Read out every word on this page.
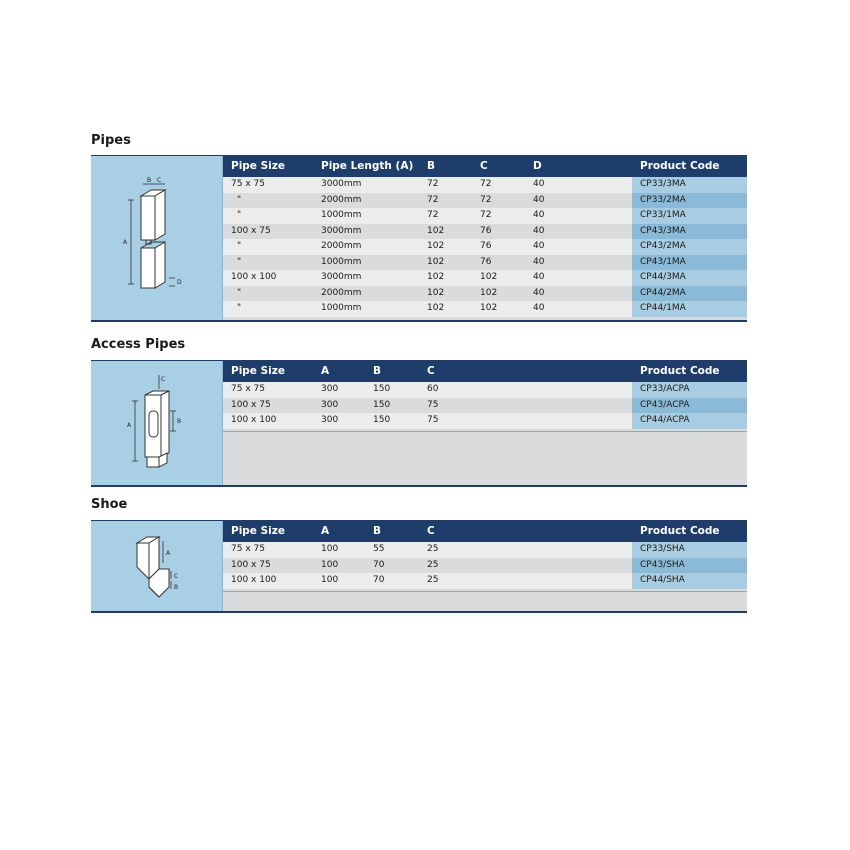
Pipes
B C
A
D
Pipe Size	Pipe Length (A) B	C	D	Product Code
75 x 75	3000mm	72	72	40	CP33/3MA
"	2000mm	72	72	40	CP33/2MA
"	1000mm	72	72	40	CP33/1MA
100 x 75	3000mm	102	76	40	CP43/3MA
"	2000mm	102	76	40	CP43/2MA
"	1000mm	102	76	40	CP43/1MA
100 x 100	3000mm	102	102	40	CP44/3MA
"	2000mm	102	102	40	CP44/2MA
"	1000mm	102	102	40	CP44/1MA
Access Pipes
C
A
B
Pipe Size	A	B	C	Product Code
75 x 75	300	150	60	CP33/ACPA
100 x 75	300	150	75	CP43/ACPA
100 x 100	300	150	75	CP44/ACPA
Shoe
A
C
B
Pipe Size	A	B	C	Product Code
75 x 75	100	55	25	CP33/SHA
100 x 75	100	70	25	CP43/SHA
100 x 100	100	70	25	CP44/SHA
